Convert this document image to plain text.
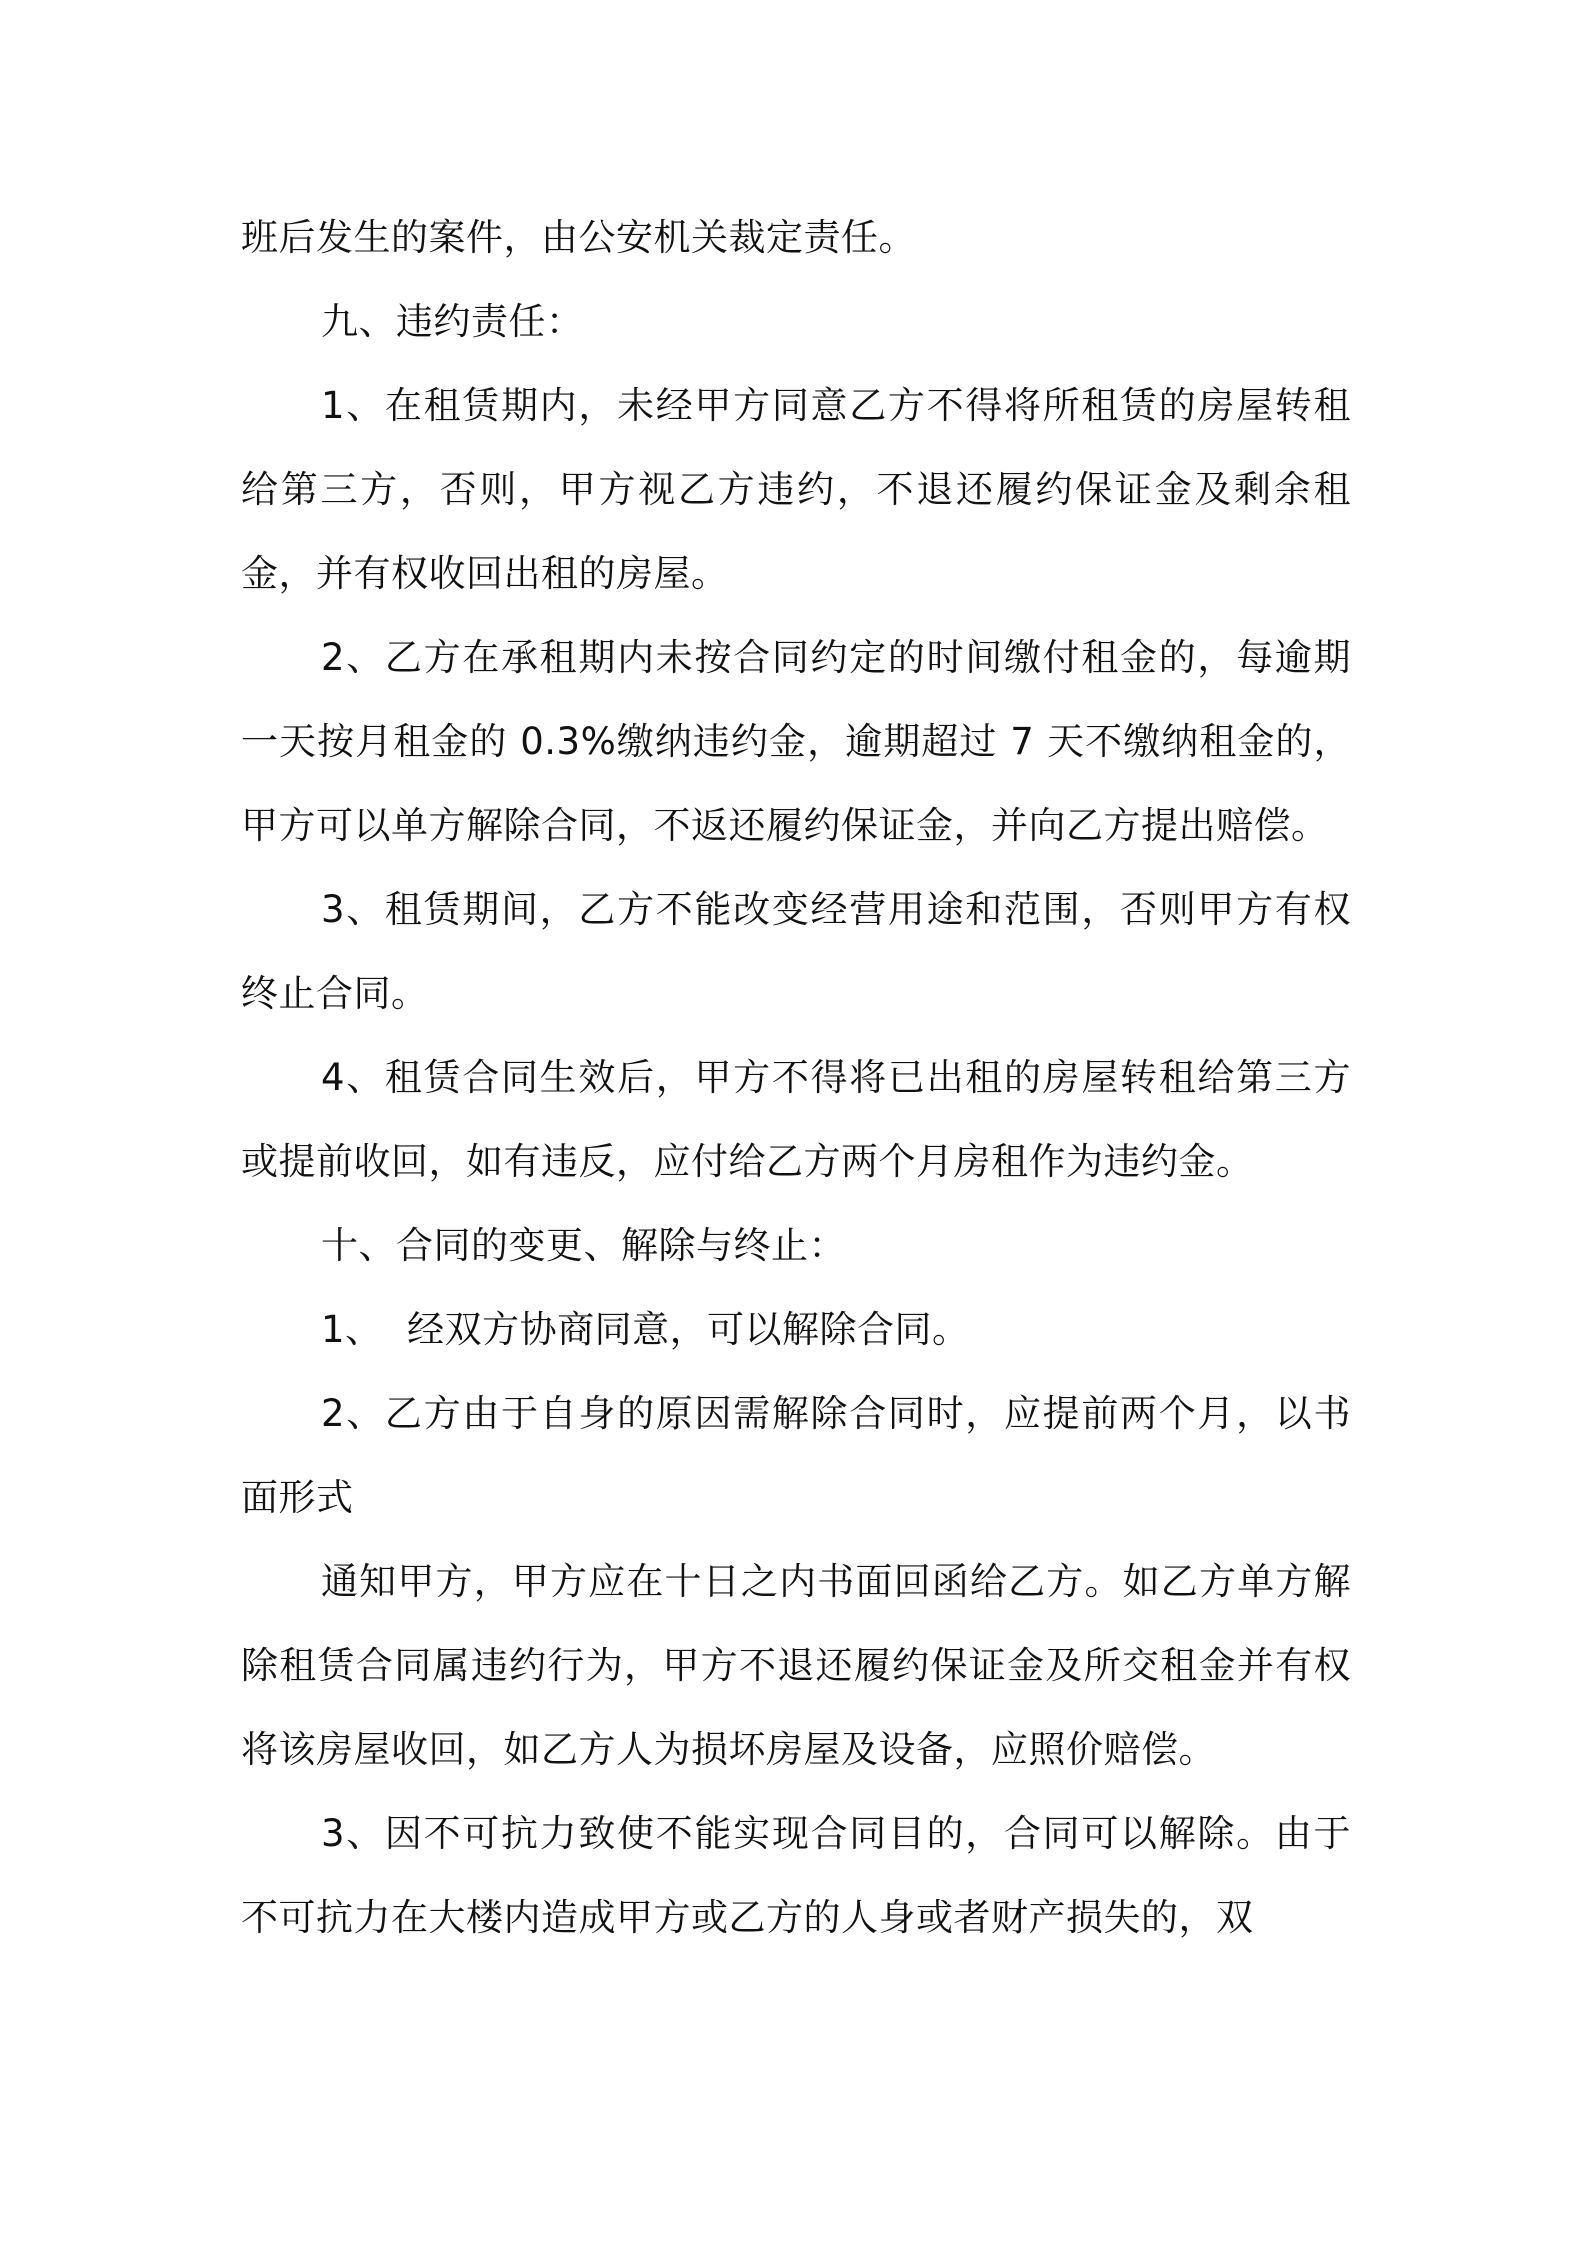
班后发生的案件，由公安机关裁定责任。

九、违约责任：

1、在租赁期内，未经甲方同意乙方不得将所租赁的房屋转租给第三方，否则，甲方视乙方违约，不退还履约保证金及剩余租金，并有权收回出租的房屋。

2、乙方在承租期内未按合同约定的时间缴付租金的，每逾期一天按月租金的 0.3%缴纳违约金，逾期超过 7 天不缴纳租金的，甲方可以单方解除合同，不返还履约保证金，并向乙方提出赔偿。

3、租赁期间，乙方不能改变经营用途和范围，否则甲方有权终止合同。

4、租赁合同生效后，甲方不得将已出租的房屋转租给第三方或提前收回，如有违反，应付给乙方两个月房租作为违约金。

十、合同的变更、解除与终止：

1、  经双方协商同意，可以解除合同。

2、乙方由于自身的原因需解除合同时，应提前两个月，以书面形式

通知甲方，甲方应在十日之内书面回函给乙方。如乙方单方解除租赁合同属违约行为，甲方不退还履约保证金及所交租金并有权将该房屋收回，如乙方人为损坏房屋及设备，应照价赔偿。

3、因不可抗力致使不能实现合同目的，合同可以解除。由于不可抗力在大楼内造成甲方或乙方的人身或者财产损失的，双
